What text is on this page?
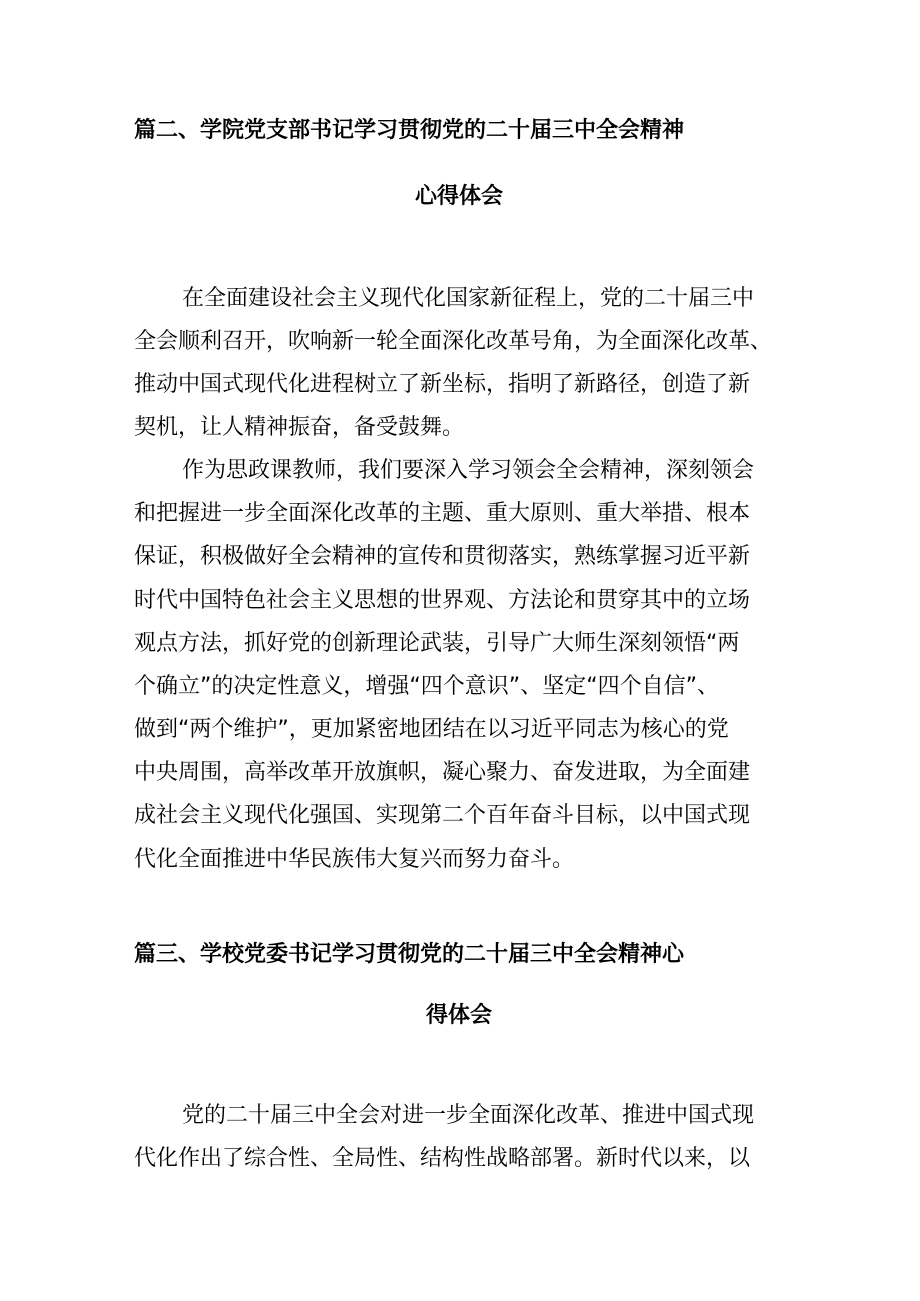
篇二、学院党支部书记学习贯彻党的二十届三中全会精神
心得体会
在全面建设社会主义现代化国家新征程上，党的二十届三中
全会顺利召开，吹响新一轮全面深化改革号角，为全面深化改革、
推动中国式现代化进程树立了新坐标，指明了新路径，创造了新
契机，让人精神振奋，备受鼓舞。
作为思政课教师，我们要深入学习领会全会精神，深刻领会
和把握进一步全面深化改革的主题、重大原则、重大举措、根本
保证，积极做好全会精神的宣传和贯彻落实，熟练掌握习近平新
时代中国特色社会主义思想的世界观、方法论和贯穿其中的立场
观点方法，抓好党的创新理论武装，引导广大师生深刻领悟“两
个确立”的决定性意义，增强“四个意识”、坚定“四个自信”、
做到“两个维护”，更加紧密地团结在以习近平同志为核心的党
中央周围，高举改革开放旗帜，凝心聚力、奋发进取，为全面建
成社会主义现代化强国、实现第二个百年奋斗目标，以中国式现
代化全面推进中华民族伟大复兴而努力奋斗。
篇三、学校党委书记学习贯彻党的二十届三中全会精神心
得体会
党的二十届三中全会对进一步全面深化改革、推进中国式现
代化作出了综合性、全局性、结构性战略部署。新时代以来，以
